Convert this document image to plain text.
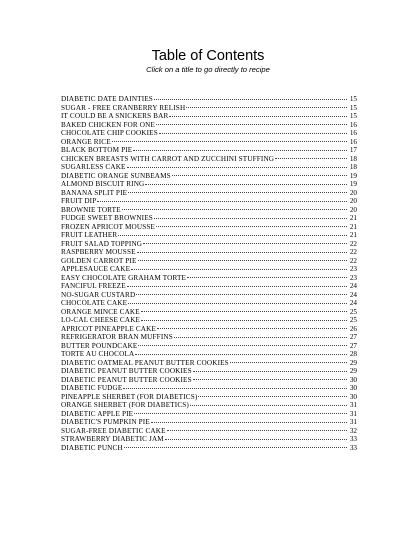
Table of Contents
Click on a title to go directly to recipe
DIABETIC DATE DAINTIES	15
SUGAR - FREE CRANBERRY RELISH	15
IT COULD BE A SNICKERS BAR	15
BAKED CHICKEN FOR ONE	16
CHOCOLATE CHIP COOKIES	16
ORANGE RICE	16
BLACK BOTTOM PIE	17
CHICKEN BREASTS WITH CARROT AND ZUCCHINI STUFFING	18
SUGARLESS CAKE	18
DIABETIC ORANGE SUNBEAMS	19
ALMOND BISCUIT RING	19
BANANA SPLIT PIE	20
FRUIT DIP	20
BROWNIE TORTE	20
FUDGE SWEET BROWNIES	21
FROZEN APRICOT MOUSSE	21
FRUIT LEATHER	21
FRUIT SALAD TOPPING	22
RASPBERRY MOUSSE	22
GOLDEN CARROT PIE	22
APPLESAUCE CAKE	23
EASY CHOCOLATE GRAHAM TORTE	23
FANCIFUL FREEZE	24
NO-SUGAR CUSTARD	24
CHOCOLATE CAKE	24
ORANGE MINCE CAKE	25
LO-CAL CHEESE CAKE	25
APRICOT PINEAPPLE CAKE	26
REFRIGERATOR BRAN MUFFINS	27
BUTTER POUNDCAKE	27
TORTE AU CHOCOLA	28
DIABETIC OATMEAL PEANUT BUTTER COOKIES	29
DIABETIC PEANUT BUTTER COOKIES	29
DIABETIC PEANUT BUTTER COOKIES	30
DIABETIC FUDGE	30
PINEAPPLE SHERBET (FOR DIABETICS)	30
ORANGE SHERBET (FOR DIABETICS)	31
DIABETIC APPLE PIE	31
DIABETIC'S PUMPKIN PIE	31
SUGAR-FREE DIABETIC CAKE	32
STRAWBERRY DIABETIC JAM	33
DIABETIC PUNCH	33
